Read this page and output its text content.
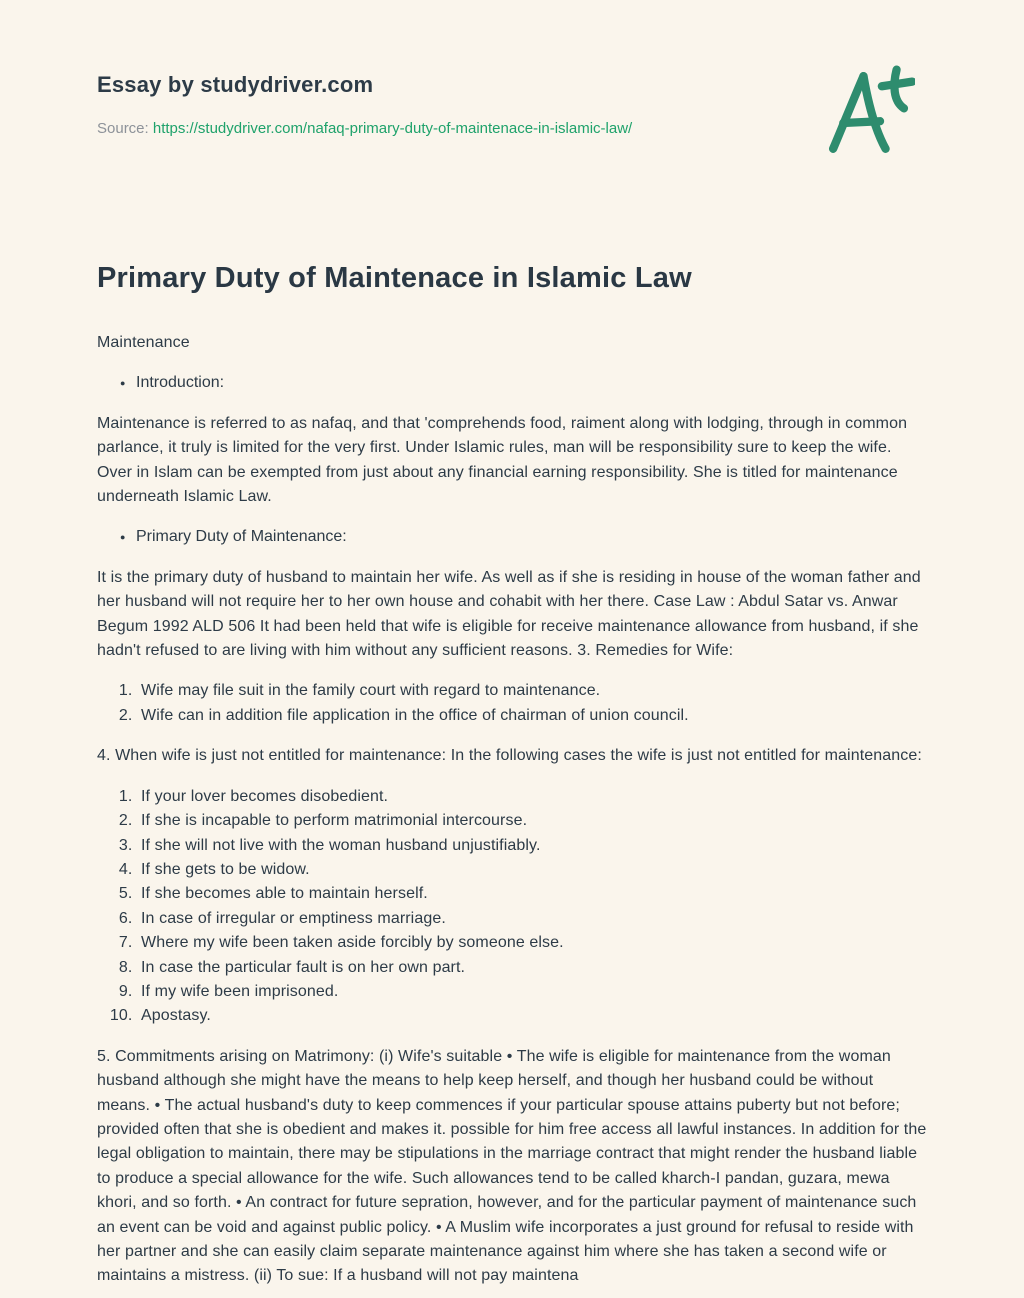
Essay by studydriver.com

Source: https://studydriver.com/nafaq-primary-duty-of-maintenace-in-islamic-law/

Primary Duty of Maintenace in Islamic Law

Maintenance

● Introduction:

Maintenance is referred to as nafaq, and that 'comprehends food, raiment along with lodging, through in common parlance, it truly is limited for the very first. Under Islamic rules, man will be responsibility sure to keep the wife. Over in Islam can be exempted from just about any financial earning responsibility. She is titled for maintenance underneath Islamic Law.

● Primary Duty of Maintenance:

It is the primary duty of husband to maintain her wife. As well as if she is residing in house of the woman father and her husband will not require her to her own house and cohabit with her there. Case Law : Abdul Satar vs. Anwar Begum 1992 ALD 506 It had been held that wife is eligible for receive maintenance allowance from husband, if she hadn't refused to are living with him without any sufficient reasons. 3. Remedies for Wife:

1. Wife may file suit in the family court with regard to maintenance.
2. Wife can in addition file application in the office of chairman of union council.

4. When wife is just not entitled for maintenance: In the following cases the wife is just not entitled for maintenance:

1. If your lover becomes disobedient.
2. If she is incapable to perform matrimonial intercourse.
3. If she will not live with the woman husband unjustifiably.
4. If she gets to be widow.
5. If she becomes able to maintain herself.
6. In case of irregular or emptiness marriage.
7. Where my wife been taken aside forcibly by someone else.
8. In case the particular fault is on her own part.
9. If my wife been imprisoned.
10. Apostasy.

5. Commitments arising on Matrimony: (i) Wife's suitable • The wife is eligible for maintenance from the woman husband although she might have the means to help keep herself, and though her husband could be without means. • The actual husband's duty to keep commences if your particular spouse attains puberty but not before; provided often that she is obedient and makes it. possible for him free access all lawful instances. In addition for the legal obligation to maintain, there may be stipulations in the marriage contract that might render the husband liable to produce a special allowance for the wife. Such allowances tend to be called kharch-I pandan, guzara, mewa khori, and so forth. • An contract for future sepration, however, and for the particular payment of maintenance such an event can be void and against public policy. • A Muslim wife incorporates a just ground for refusal to reside with her partner and she can easily claim separate maintenance against him where she has taken a second wife or maintains a mistress. (ii) To sue: If a husband will not pay maintena
